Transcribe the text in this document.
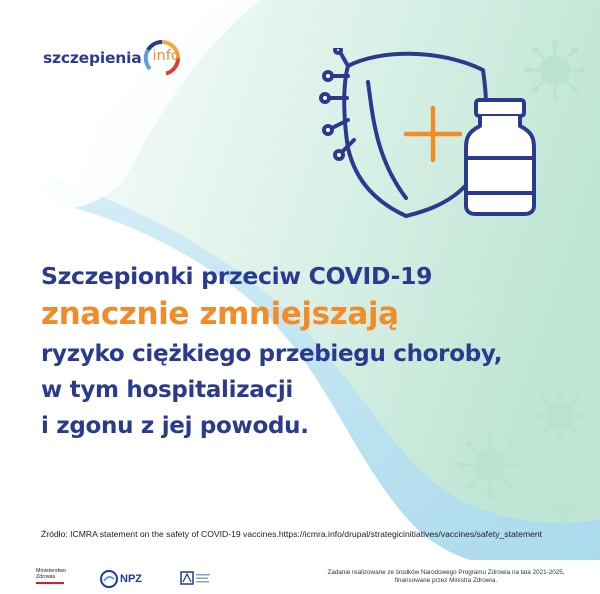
szczepienia info
Szczepionki przeciw COVID-19
znacznie zmniejszają
ryzyko ciężkiego przebiegu choroby,
w tym hospitalizacji
i zgonu z jej powodu.
Źródło: ICMRA statement on the safety of COVID-19 vaccines.https://icmra.info/drupal/strategicinitiatives/vaccines/safety_statement
Ministerstwo
Zdrowia	NPZ
Zadanie realizowane ze środków Narodowego Programu Zdrowia na lata 2021-2025,
finansowane przez Ministra Zdrowia.
